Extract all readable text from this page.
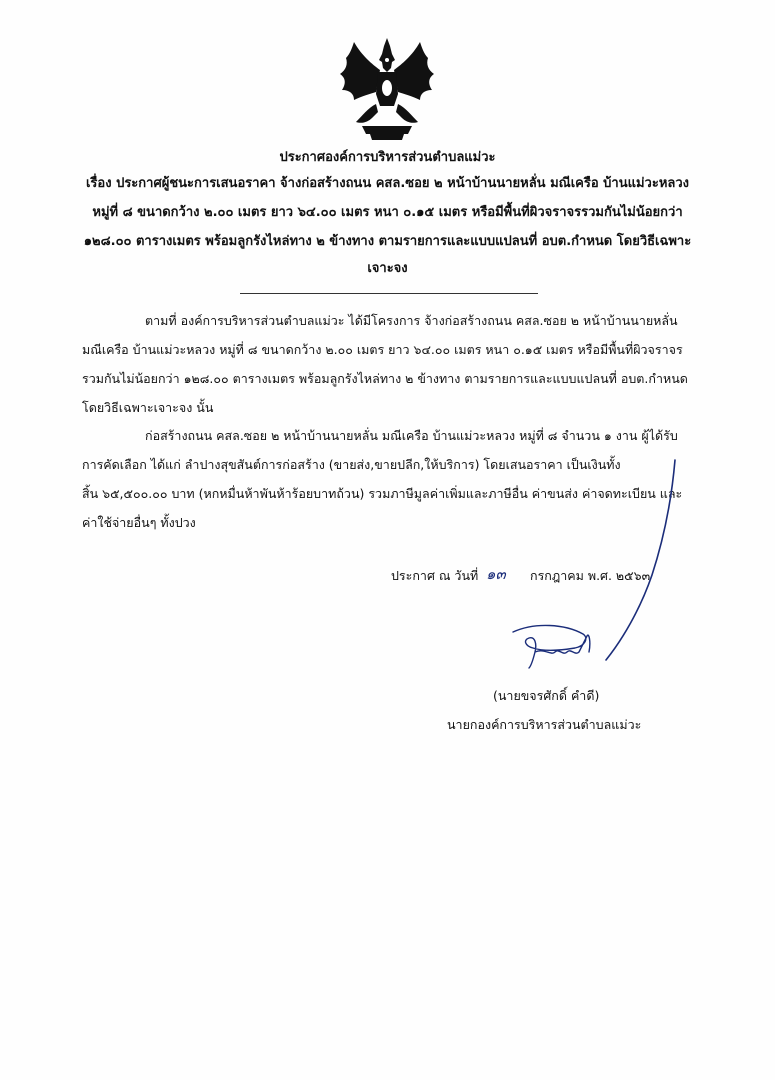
ประกาศองค์การบริหารส่วนตำบลแม่วะ
เรื่อง ประกาศผู้ชนะการเสนอราคา จ้างก่อสร้างถนน คสล.ซอย ๒ หน้าบ้านนายหลั่น มณีเครือ บ้านแม่วะหลวง
หมู่ที่ ๘ ขนาดกว้าง ๒.๐๐ เมตร ยาว ๖๔.๐๐ เมตร หนา ๐.๑๕ เมตร หรือมีพื้นที่ผิวจราจรรวมกันไม่น้อยกว่า
๑๒๘.๐๐ ตารางเมตร พร้อมลูกรังไหล่ทาง ๒ ข้างทาง ตามรายการและแบบแปลนที่ อบต.กำหนด โดยวิธีเฉพาะ
เจาะจง
ตามที่ องค์การบริหารส่วนตำบลแม่วะ ได้มีโครงการ จ้างก่อสร้างถนน คสล.ซอย ๒ หน้าบ้านนายหลั่น
มณีเครือ บ้านแม่วะหลวง หมู่ที่ ๘ ขนาดกว้าง ๒.๐๐ เมตร ยาว ๖๔.๐๐ เมตร หนา ๐.๑๕ เมตร หรือมีพื้นที่ผิวจราจร
รวมกันไม่น้อยกว่า ๑๒๘.๐๐ ตารางเมตร พร้อมลูกรังไหล่ทาง ๒ ข้างทาง ตามรายการและแบบแปลนที่ อบต.กำหนด
โดยวิธีเฉพาะเจาะจง นั้น
ก่อสร้างถนน คสล.ซอย ๒ หน้าบ้านนายหลั่น มณีเครือ บ้านแม่วะหลวง หมู่ที่ ๘ จำนวน ๑ งาน ผู้ได้รับ
การคัดเลือก ได้แก่ ลำปางสุขสันต์การก่อสร้าง (ขายส่ง,ขายปลีก,ให้บริการ) โดยเสนอราคา เป็นเงินทั้ง
สิ้น ๖๕,๕๐๐.๐๐ บาท (หกหมื่นห้าพันห้าร้อยบาทถ้วน) รวมภาษีมูลค่าเพิ่มและภาษีอื่น ค่าขนส่ง ค่าจดทะเบียน และ
ค่าใช้จ่ายอื่นๆ ทั้งปวง
ประกาศ ณ วันที่ ๑๓ กรกฎาคม พ.ศ. ๒๕๖๓
(นายขจรศักดิ์ คำดี)
นายกองค์การบริหารส่วนตำบลแม่วะ
